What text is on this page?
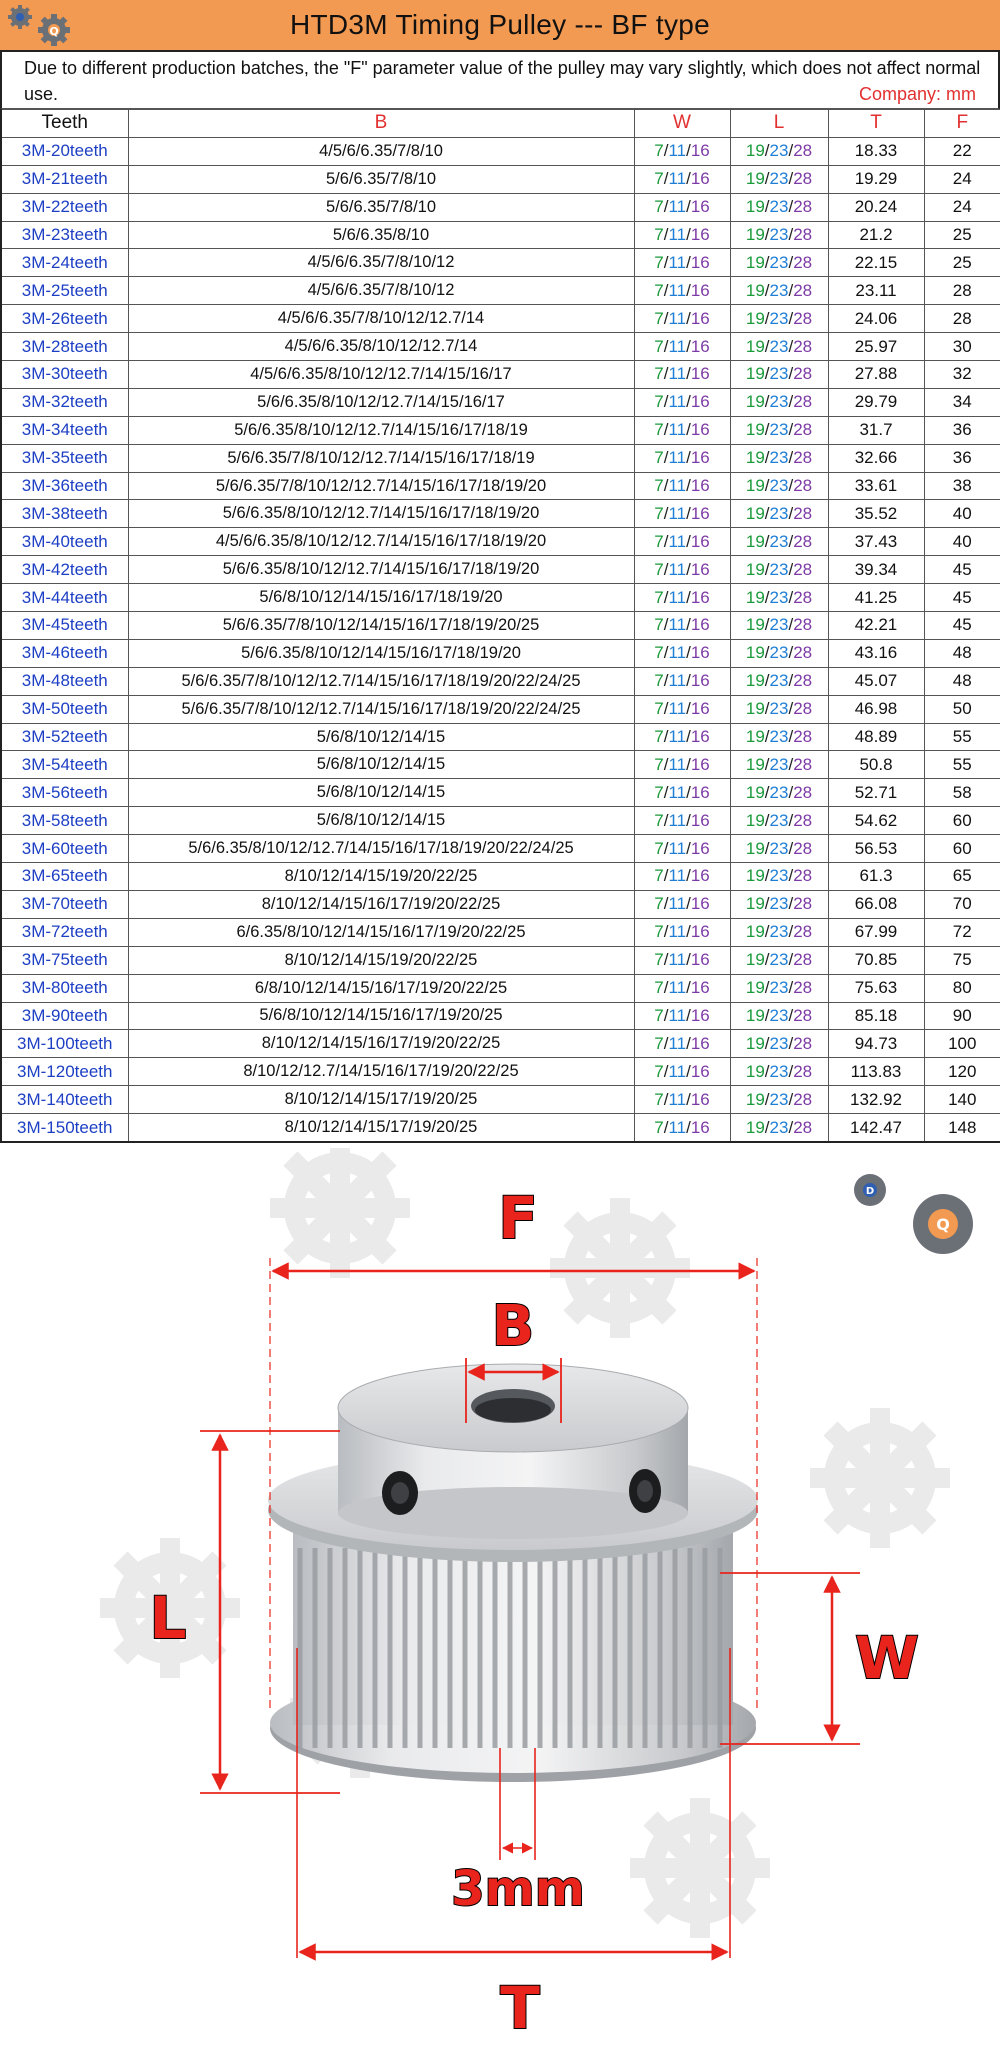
Q	HTD3M Timing Pulley --- BF type
Due to different production batches, the "F" parameter value of the pulley may vary slightly, which does not affect normal use.	Company: mm
Teeth	B	W	L	T	F
3M-20teeth	4/5/6/6.35/7/8/10	7/11/16	19/23/28	18.33	22
3M-21teeth	5/6/6.35/7/8/10	7/11/16	19/23/28	19.29	24
3M-22teeth	5/6/6.35/7/8/10	7/11/16	19/23/28	20.24	24
3M-23teeth	5/6/6.35/8/10	7/11/16	19/23/28	21.2	25
3M-24teeth	4/5/6/6.35/7/8/10/12	7/11/16	19/23/28	22.15	25
3M-25teeth	4/5/6/6.35/7/8/10/12	7/11/16	19/23/28	23.11	28
3M-26teeth	4/5/6/6.35/7/8/10/12/12.7/14	7/11/16	19/23/28	24.06	28
3M-28teeth	4/5/6/6.35/8/10/12/12.7/14	7/11/16	19/23/28	25.97	30
3M-30teeth	4/5/6/6.35/8/10/12/12.7/14/15/16/17	7/11/16	19/23/28	27.88	32
3M-32teeth	5/6/6.35/8/10/12/12.7/14/15/16/17	7/11/16	19/23/28	29.79	34
3M-34teeth	5/6/6.35/8/10/12/12.7/14/15/16/17/18/19	7/11/16	19/23/28	31.7	36
3M-35teeth	5/6/6.35/7/8/10/12/12.7/14/15/16/17/18/19	7/11/16	19/23/28	32.66	36
3M-36teeth	5/6/6.35/7/8/10/12/12.7/14/15/16/17/18/19/20	7/11/16	19/23/28	33.61	38
3M-38teeth	5/6/6.35/8/10/12/12.7/14/15/16/17/18/19/20	7/11/16	19/23/28	35.52	40
3M-40teeth	4/5/6/6.35/8/10/12/12.7/14/15/16/17/18/19/20	7/11/16	19/23/28	37.43	40
3M-42teeth	5/6/6.35/8/10/12/12.7/14/15/16/17/18/19/20	7/11/16	19/23/28	39.34	45
3M-44teeth	5/6/8/10/12/14/15/16/17/18/19/20	7/11/16	19/23/28	41.25	45
3M-45teeth	5/6/6.35/7/8/10/12/14/15/16/17/18/19/20/25	7/11/16	19/23/28	42.21	45
3M-46teeth	5/6/6.35/8/10/12/14/15/16/17/18/19/20	7/11/16	19/23/28	43.16	48
3M-48teeth	5/6/6.35/7/8/10/12/12.7/14/15/16/17/18/19/20/22/24/25	7/11/16	19/23/28	45.07	48
3M-50teeth	5/6/6.35/7/8/10/12/12.7/14/15/16/17/18/19/20/22/24/25	7/11/16	19/23/28	46.98	50
3M-52teeth	5/6/8/10/12/14/15	7/11/16	19/23/28	48.89	55
3M-54teeth	5/6/8/10/12/14/15	7/11/16	19/23/28	50.8	55
3M-56teeth	5/6/8/10/12/14/15	7/11/16	19/23/28	52.71	58
3M-58teeth	5/6/8/10/12/14/15	7/11/16	19/23/28	54.62	60
3M-60teeth	5/6/6.35/8/10/12/12.7/14/15/16/17/18/19/20/22/24/25	7/11/16	19/23/28	56.53	60
3M-65teeth	8/10/12/14/15/19/20/22/25	7/11/16	19/23/28	61.3	65
3M-70teeth	8/10/12/14/15/16/17/19/20/22/25	7/11/16	19/23/28	66.08	70
3M-72teeth	6/6.35/8/10/12/14/15/16/17/19/20/22/25	7/11/16	19/23/28	67.99	72
3M-75teeth	8/10/12/14/15/19/20/22/25	7/11/16	19/23/28	70.85	75
3M-80teeth	6/8/10/12/14/15/16/17/19/20/22/25	7/11/16	19/23/28	75.63	80
3M-90teeth	5/6/8/10/12/14/15/16/17/19/20/25	7/11/16	19/23/28	85.18	90
3M-100teeth	8/10/12/14/15/16/17/19/20/22/25	7/11/16	19/23/28	94.73	100
3M-120teeth	8/10/12/12.7/14/15/16/17/19/20/22/25	7/11/16	19/23/28	113.83	120
3M-140teeth	8/10/12/14/15/17/19/20/25	7/11/16	19/23/28	132.92	140
3M-150teeth	8/10/12/14/15/17/19/20/25	7/11/16	19/23/28	142.47	148
D
Q
F
B
L
W
3mm
T
